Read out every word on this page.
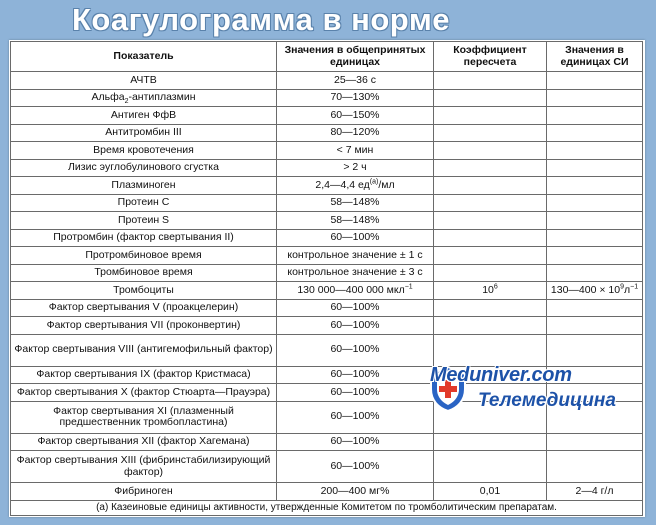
Коагулограмма в норме
Показатель	Значения в общепринятых единицах	Коэффициент пересчета	Значения в единицах СИ
АЧТВ	25—36 с		
Альфа$_2$-антиплазмин	70—130%		
Антиген ФфВ	60—150%		
Антитромбин III	80—120%		
Время кровотечения	< 7 мин		
Лизис эуглобулинового сгустка	> 2 ч		
Плазминоген	2,4—4,4 $ед^{(а)}/мл$		
Протеин С	58—148%		
Протеин S	58—148%		
Протромбин (фактор свертывания II)	60—100%		
Протромбиновое время	контрольное значение ± 1 с		
Тромбиновое время	контрольное значение ± 3 с		
Тромбоциты	130 000—400 000 мкл$^{-1}$	$10^6$	130—400 × $10^9л^{-1}$
Фактор свертывания V (проакцелерин)	60—100%		
Фактор свертывания VII (проконвертин)	60—100%		
Фактор свертывания VIII (антигемофильный фактор)	60—100%		
Фактор свертывания IX (фактор Кристмаса)	60—100%		
Фактор свертывания X (фактор Стюарта—Прауэра)	60—100%		
Фактор свертывания XI (плазменный предшественник тромбопластина)	60—100%		
Фактор свертывания XII (фактор Хагемана)	60—100%		
Фактор свертывания XIII (фибринстабилизирующий фактор)	60—100%		
Фибриноген	200—400 мг%	0,01	2—4 г/л
(а) Казеиновые единицы активности, утвержденные Комитетом по тромболитическим препаратам.			
Meduniver.com
Телемедицина
